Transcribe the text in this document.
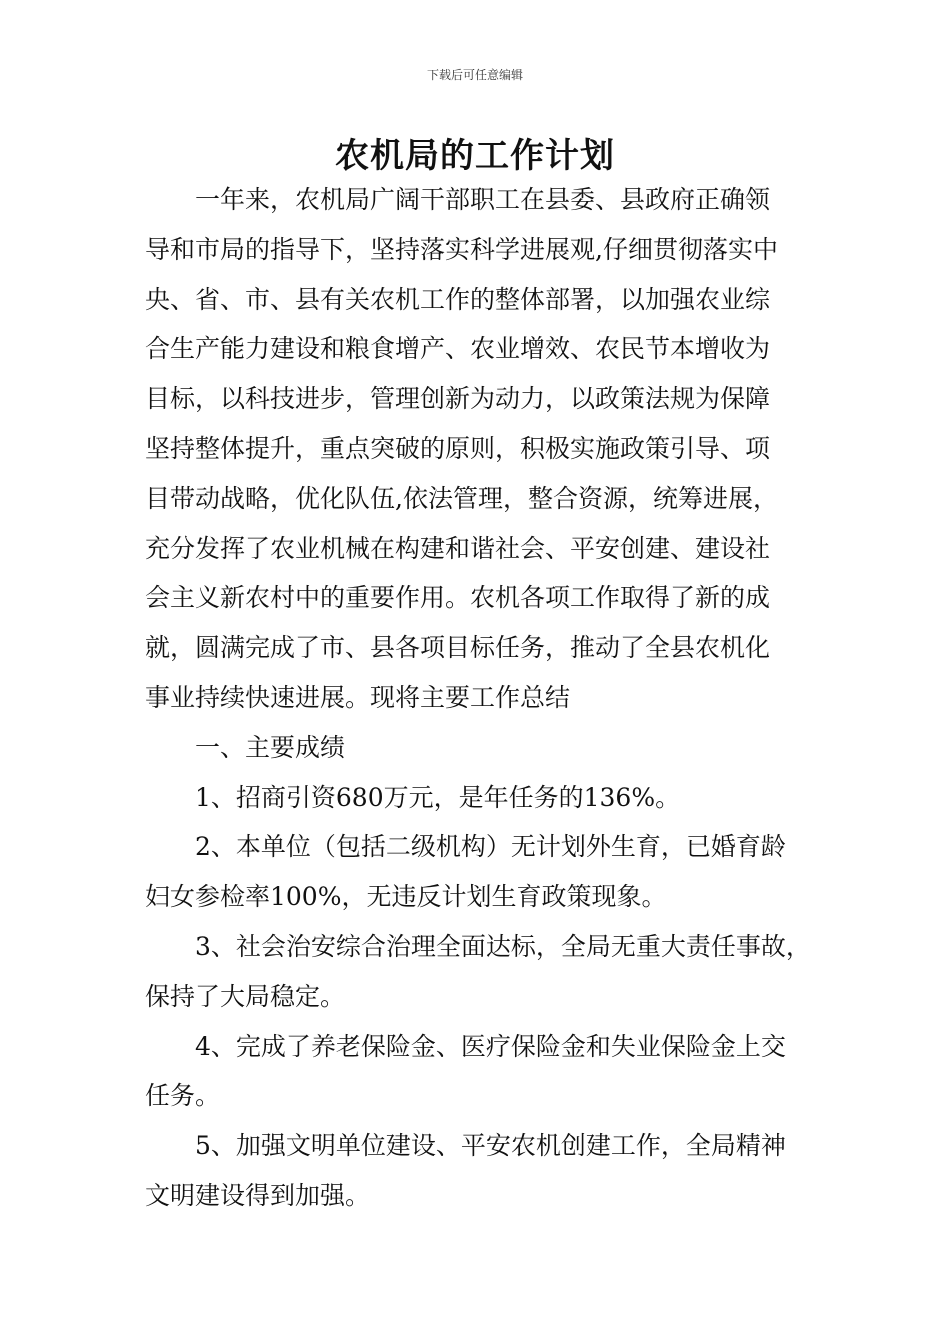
下载后可任意编辑
农机局的工作计划

一年来，农机局广阔干部职工在县委、县政府正确领
导和市局的指导下，坚持落实科学进展观,仔细贯彻落实中
央、省、市、县有关农机工作的整体部署，以加强农业综
合生产能力建设和粮食增产、农业增效、农民节本增收为
目标，以科技进步，管理创新为动力，以政策法规为保障
坚持整体提升，重点突破的原则，积极实施政策引导、项
目带动战略，优化队伍,依法管理，整合资源，统筹进展，
充分发挥了农业机械在构建和谐社会、平安创建、建设社
会主义新农村中的重要作用。农机各项工作取得了新的成
就，圆满完成了市、县各项目标任务，推动了全县农机化
事业持续快速进展。现将主要工作总结

一、主要成绩

1、招商引资680万元，是年任务的136%。

2、本单位（包括二级机构）无计划外生育，已婚育龄
妇女参检率100%，无违反计划生育政策现象。

3、社会治安综合治理全面达标，全局无重大责任事故，
保持了大局稳定。

4、完成了养老保险金、医疗保险金和失业保险金上交
任务。

5、加强文明单位建设、平安农机创建工作，全局精神
文明建设得到加强。
